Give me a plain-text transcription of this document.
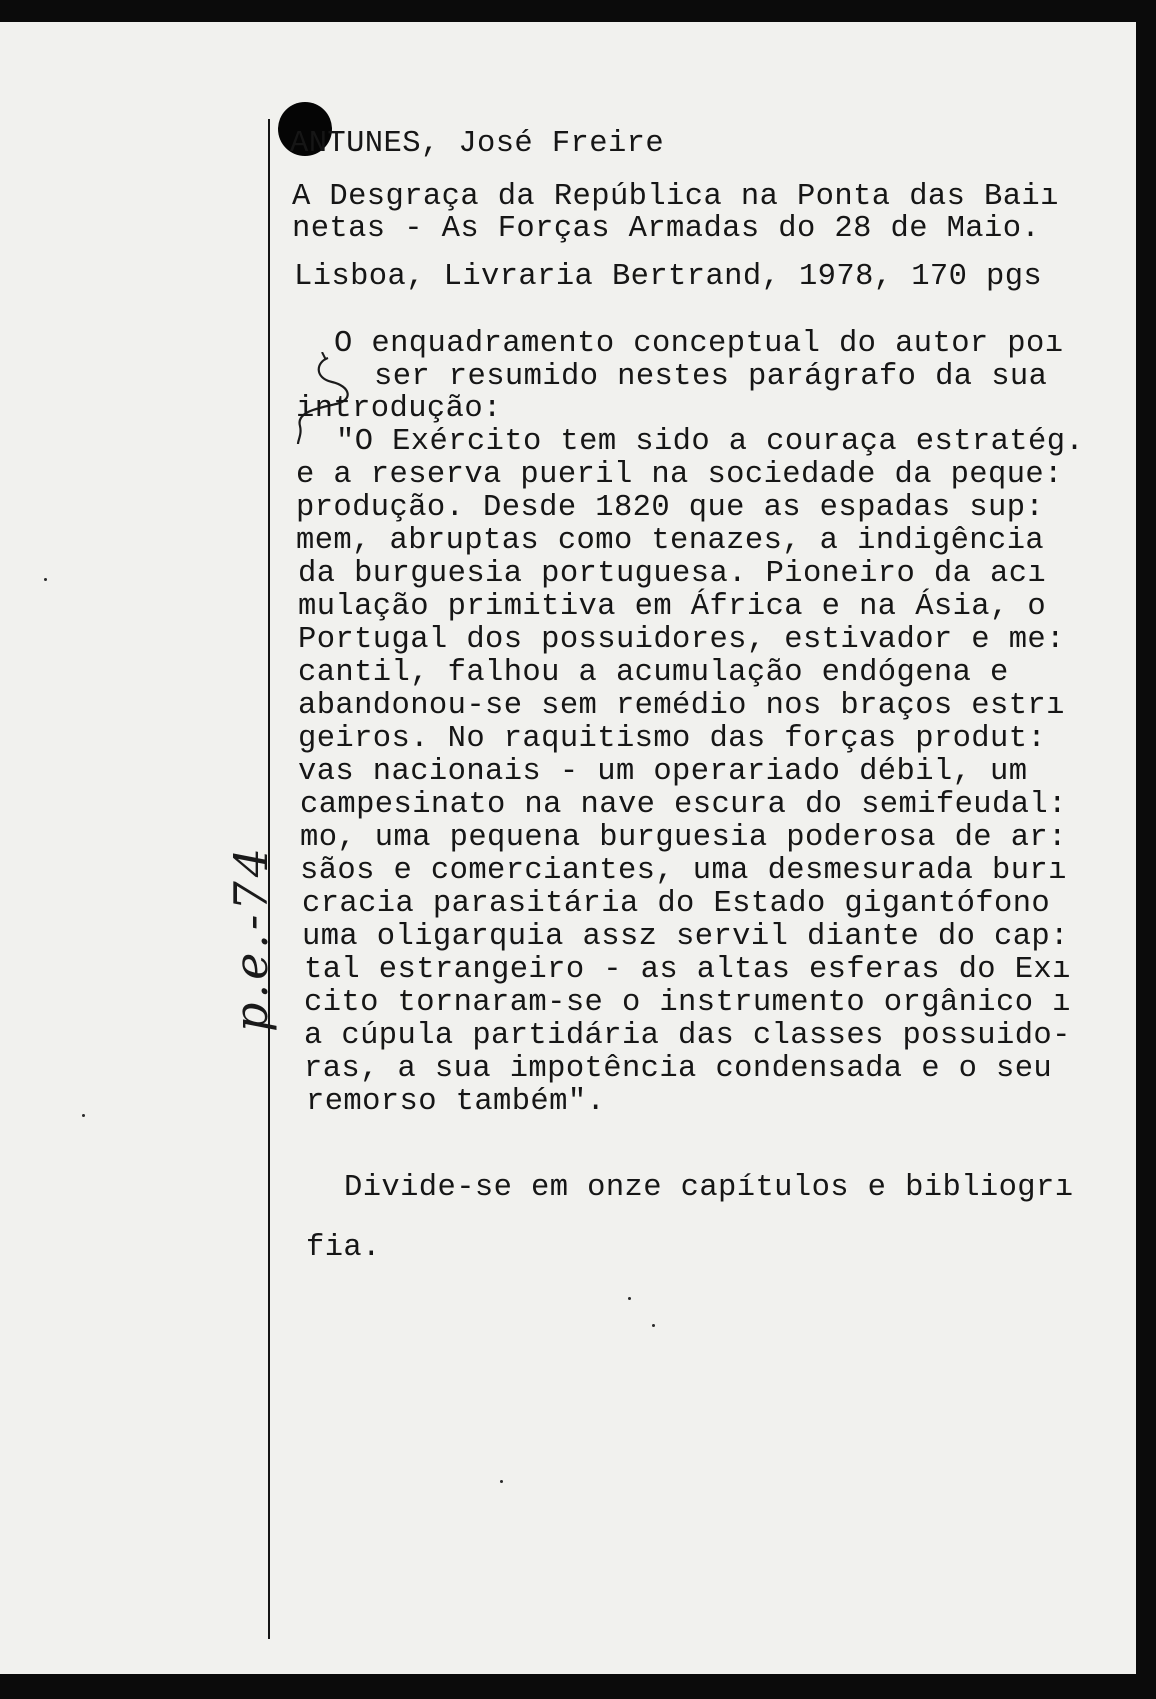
p.e.-74
ANTUNES, José Freire
A Desgraça da República na Ponta das Baiı
netas - As Forças Armadas do 28 de Maio.
Lisboa, Livraria Bertrand, 1978, 170 pgs
O enquadramento conceptual do autor poı
ser resumido nestes parágrafo da sua
introdução:
"O Exército tem sido a couraça estratég.
e a reserva pueril na sociedade da peque:
produção. Desde 1820 que as espadas sup:
mem, abruptas como tenazes, a indigência
da burguesia portuguesa. Pioneiro da acı
mulação primitiva em África e na Ásia, o
Portugal dos possuidores, estivador e me:
cantil, falhou a acumulação endógena e
abandonou-se sem remédio nos braços estrı
geiros. No raquitismo das forças produt:
vas nacionais - um operariado débil, um
campesinato na nave escura do semifeudal:
mo, uma pequena burguesia poderosa de ar:
sãos e comerciantes, uma desmesurada burı
cracia parasitária do Estado gigantófono
uma oligarquia assz servil diante do cap:
tal estrangeiro - as altas esferas do Exı
cito tornaram-se o instrumento orgânico ı
a cúpula partidária das classes possuido-
ras, a sua impotência condensada e o seu
remorso também".
Divide-se em onze capítulos e bibliogrı
fia.
